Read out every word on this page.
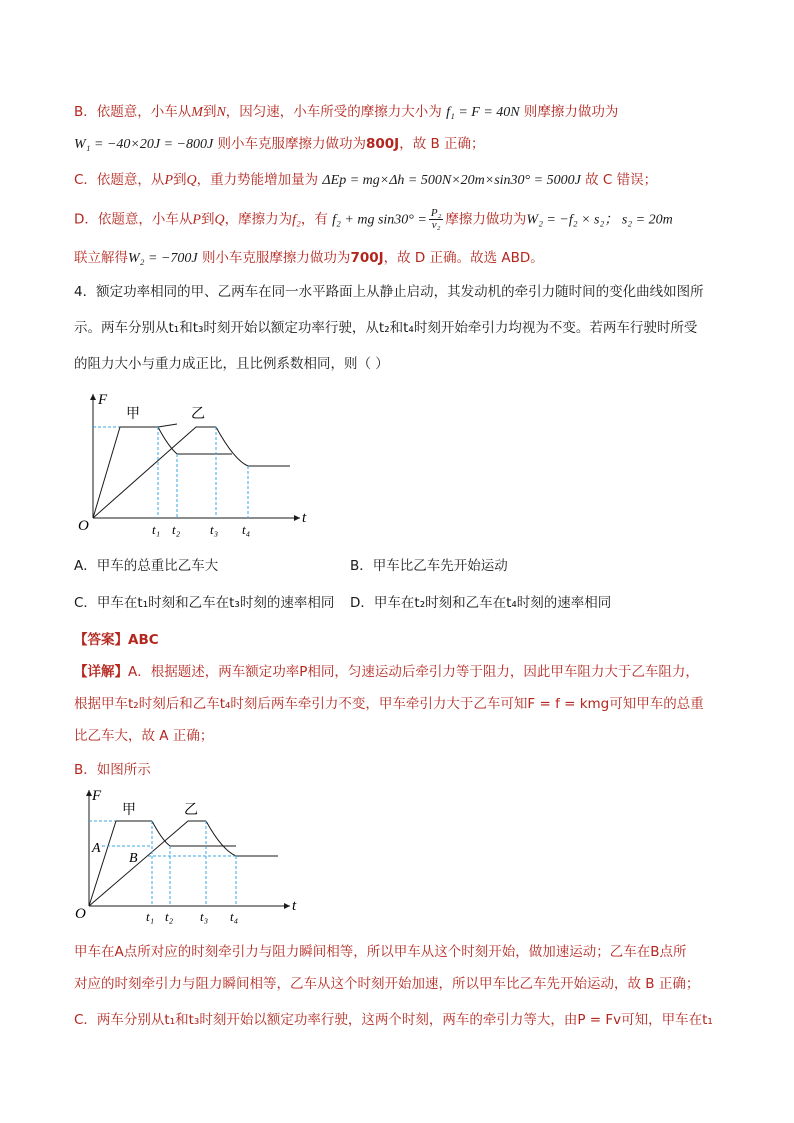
B．依题意，小车从M到N，因匀速，小车所受的摩擦力大小为 f₁ = F = 40N 则摩擦力做功为
W₁ = −40×20J = −800J 则小车克服摩擦力做功为800J，故 B 正确；
C．依题意，从P到Q，重力势能增加量为 ΔEp = mg×Δh = 500N×20m×sin30° = 5000J 故 C 错误；
D．依题意，小车从P到Q，摩擦力为f₂，有 f₂ + mg $\sin 30^\circ = \frac{\text{P₂}}{\text{v₂}}$ 摩擦力做功为W₂ = −f₂ × s₂； s₂ = 20m
联立解得W₂ = −700J 则小车克服摩擦力做功为700J，故 D 正确。故选 ABD。
4．额定功率相同的甲、乙两车在同一水平路面上从静止启动，其发动机的牵引力随时间的变化曲线如图所
示。两车分别从t₁和t₃时刻开始以额定功率行驶，从t₂和t₄时刻开始牵引力均视为不变。若两车行驶时所受
的阻力大小与重力成正比，且比例系数相同，则（ ）
F
t
O
甲	乙
t₁ t₂ t₃ t₄
A．甲车的总重比乙车大	B．甲车比乙车先开始运动
C．甲车在t₁时刻和乙车在t₃时刻的速率相同 D．甲车在t₂时刻和乙车在t₄时刻的速率相同
【答案】ABC
【详解】A．根据题述，两车额定功率P相同，匀速运动后牵引力等于阻力，因此甲车阻力大于乙车阻力，
根据甲车t₂时刻后和乙车t₄时刻后两车牵引力不变，甲车牵引力大于乙车可知F = f = kmg可知甲车的总重
比乙车大，故 A 正确；
B．如图所示
F
t
O
甲	乙
A
B
t₁ t₂ t₃ t₄
甲车在A点所对应的时刻牵引力与阻力瞬间相等，所以甲车从这个时刻开始，做加速运动；乙车在B点所
对应的时刻牵引力与阻力瞬间相等，乙车从这个时刻开始加速，所以甲车比乙车先开始运动，故 B 正确；
C．两车分别从t₁和t₃时刻开始以额定功率行驶，这两个时刻，两车的牵引力等大，由P = Fv可知，甲车在t₁
